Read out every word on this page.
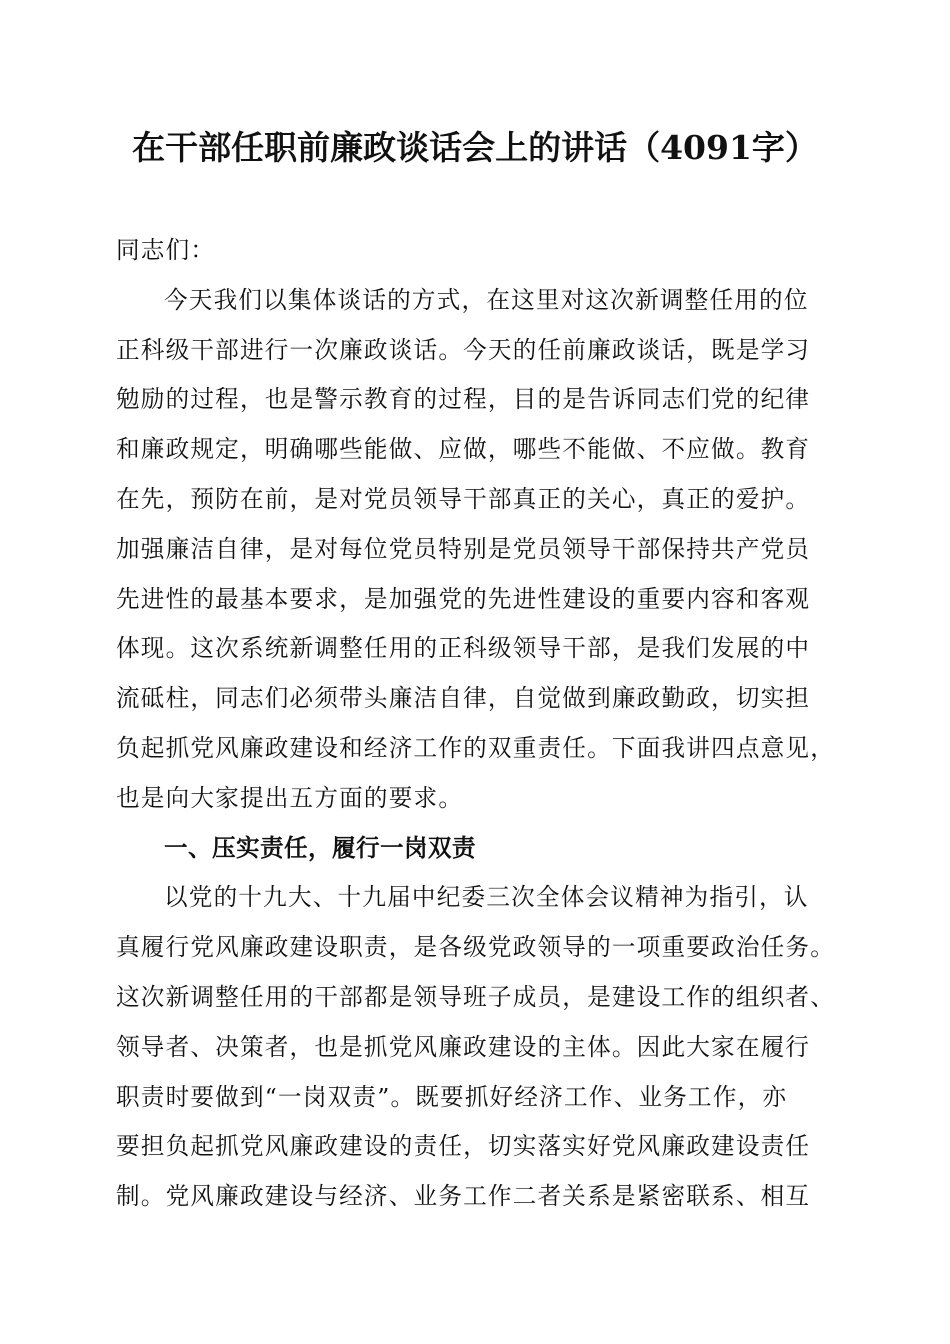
在干部任职前廉政谈话会上的讲话（4091字）
同志们：
今天我们以集体谈话的方式，在这里对这次新调整任用的位
正科级干部进行一次廉政谈话。今天的任前廉政谈话，既是学习
勉励的过程，也是警示教育的过程，目的是告诉同志们党的纪律
和廉政规定，明确哪些能做、应做，哪些不能做、不应做。教育
在先，预防在前，是对党员领导干部真正的关心，真正的爱护。
加强廉洁自律，是对每位党员特别是党员领导干部保持共产党员
先进性的最基本要求，是加强党的先进性建设的重要内容和客观
体现。这次系统新调整任用的正科级领导干部，是我们发展的中
流砥柱，同志们必须带头廉洁自律，自觉做到廉政勤政，切实担
负起抓党风廉政建设和经济工作的双重责任。下面我讲四点意见，
也是向大家提出五方面的要求。
一、压实责任，履行一岗双责
以党的十九大、十九届中纪委三次全体会议精神为指引，认
真履行党风廉政建设职责，是各级党政领导的一项重要政治任务。
这次新调整任用的干部都是领导班子成员，是建设工作的组织者、
领导者、决策者，也是抓党风廉政建设的主体。因此大家在履行
职责时要做到“一岗双责”。既要抓好经济工作、业务工作，亦
要担负起抓党风廉政建设的责任，切实落实好党风廉政建设责任
制。党风廉政建设与经济、业务工作二者关系是紧密联系、相互
